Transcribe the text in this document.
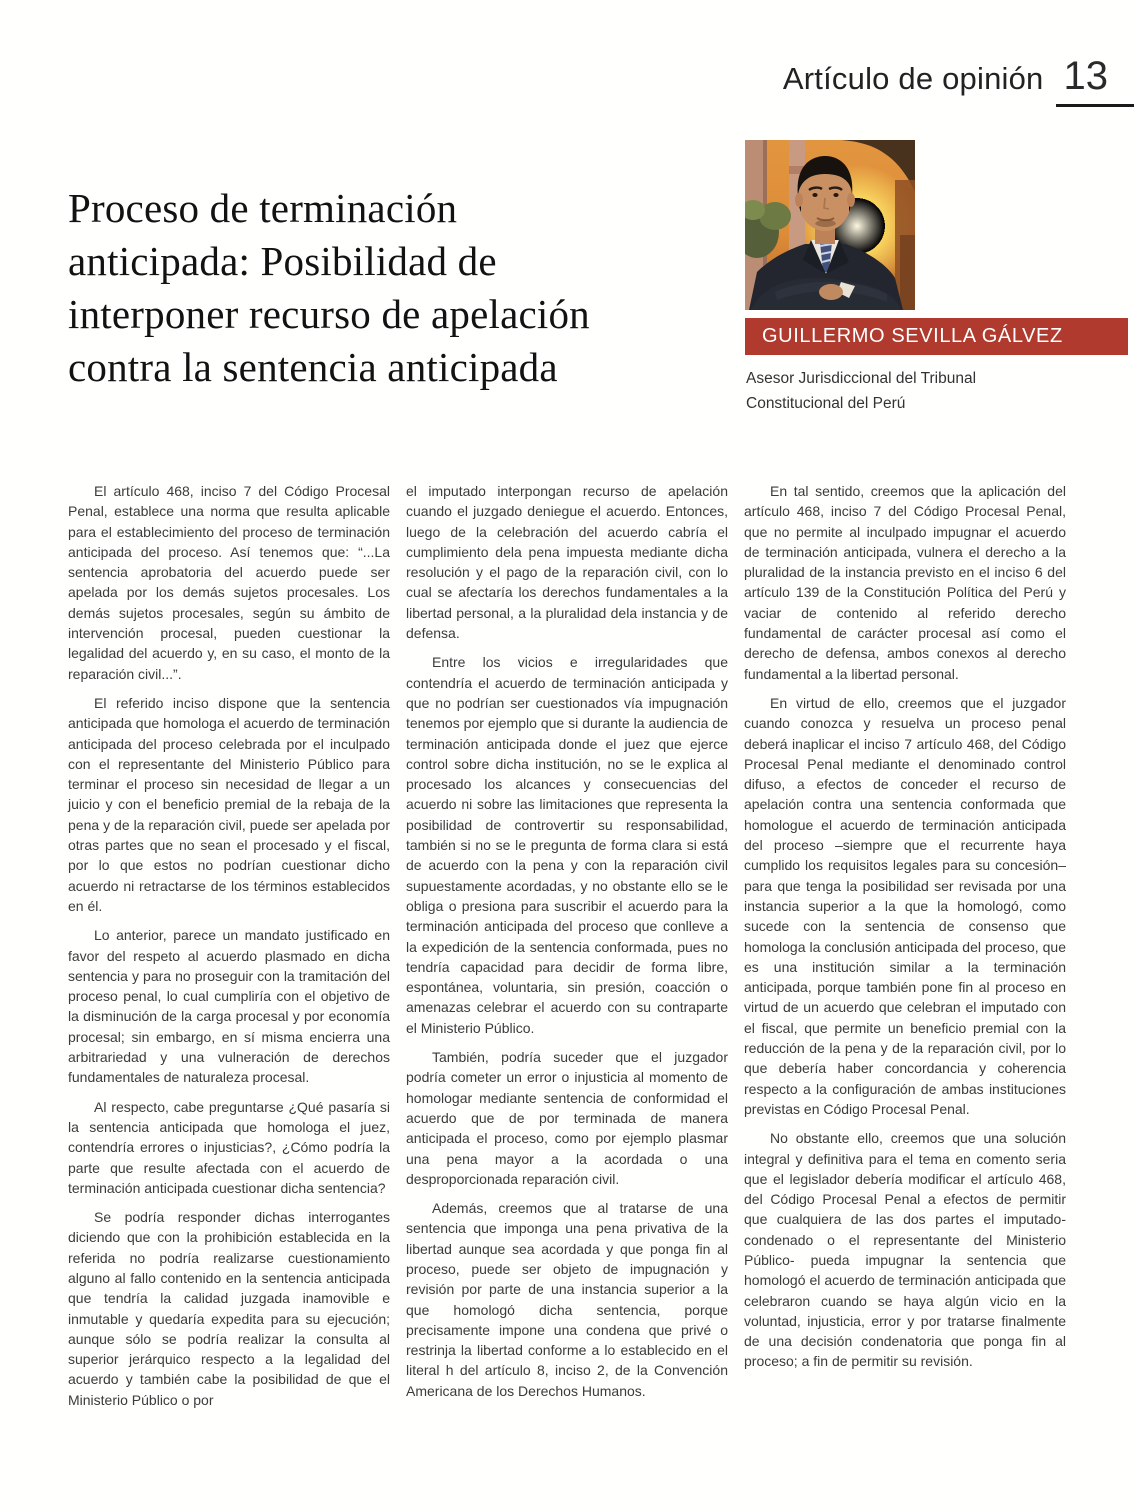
Artículo de opinión 13
Proceso de terminación
anticipada: Posibilidad de
interponer recurso de apelación
contra la sentencia anticipada
GUILLERMO SEVILLA GÁLVEZ
Asesor Jurisdiccional del Tribunal
Constitucional del Perú

El artículo 468, inciso 7 del Código Procesal Penal, establece una norma que resulta aplicable para el establecimiento del proceso de terminación anticipada del proceso. Así tenemos que: “...La sentencia aprobatoria del acuerdo puede ser apelada por los demás sujetos procesales. Los demás sujetos procesales, según su ámbito de intervención procesal, pueden cuestionar la legalidad del acuerdo y, en su caso, el monto de la reparación civil...”.

El referido inciso dispone que la sentencia anticipada que homologa el acuerdo de terminación anticipada del proceso celebrada por el inculpado con el representante del Ministerio Público para terminar el proceso sin necesidad de llegar a un juicio y con el beneficio premial de la rebaja de la pena y de la reparación civil, puede ser apelada por otras partes que no sean el procesado y el fiscal, por lo que estos no podrían cuestionar dicho acuerdo ni retractarse de los términos establecidos en él.

Lo anterior, parece un mandato justificado en favor del respeto al acuerdo plasmado en dicha sentencia y para no proseguir con la tramitación del proceso penal, lo cual cumpliría con el objetivo de la disminución de la carga procesal y por economía procesal; sin embargo, en sí misma encierra una arbitrariedad y una vulneración de derechos fundamentales de naturaleza procesal.

Al respecto, cabe preguntarse ¿Qué pasaría si la sentencia anticipada que homologa el juez, contendría errores o injusticias?, ¿Cómo podría la parte que resulte afectada con el acuerdo de terminación anticipada cuestionar dicha sentencia?

Se podría responder dichas interrogantes diciendo que con la prohibición establecida en la referida no podría realizarse cuestionamiento alguno al fallo contenido en la sentencia anticipada que tendría la calidad juzgada inamovible e inmutable y quedaría expedita para su ejecución; aunque sólo se podría realizar la consulta al superior jerárquico respecto a la legalidad del acuerdo y también cabe la posibilidad de que el Ministerio Público o por

el imputado interpongan recurso de apelación cuando el juzgado deniegue el acuerdo. Entonces, luego de la celebración del acuerdo cabría el cumplimiento dela pena impuesta mediante dicha resolución y el pago de la reparación civil, con lo cual se afectaría los derechos fundamentales a la libertad personal, a la pluralidad dela instancia y de defensa.

Entre los vicios e irregularidades que contendría el acuerdo de terminación anticipada y que no podrían ser cuestionados vía impugnación tenemos por ejemplo que si durante la audiencia de terminación anticipada donde el juez que ejerce control sobre dicha institución, no se le explica al procesado los alcances y consecuencias del acuerdo ni sobre las limitaciones que representa la posibilidad de controvertir su responsabilidad, también si no se le pregunta de forma clara si está de acuerdo con la pena y con la reparación civil supuestamente acordadas, y no obstante ello se le obliga o presiona para suscribir el acuerdo para la terminación anticipada del proceso que conlleve a la expedición de la sentencia conformada, pues no tendría capacidad para decidir de forma libre, espontánea, voluntaria, sin presión, coacción o amenazas celebrar el acuerdo con su contraparte el Ministerio Público.

También, podría suceder que el juzgador podría cometer un error o injusticia al momento de homologar mediante sentencia de conformidad el acuerdo que de por terminada de manera anticipada el proceso, como por ejemplo plasmar una pena mayor a la acordada o una desproporcionada reparación civil.

Además, creemos que al tratarse de una sentencia que imponga una pena privativa de la libertad aunque sea acordada y que ponga fin al proceso, puede ser objeto de impugnación y revisión por parte de una instancia superior a la que homologó dicha sentencia, porque precisamente impone una condena que privé o restrinja la libertad conforme a lo establecido en el literal h del artículo 8, inciso 2, de la Convención Americana de los Derechos Humanos.

En tal sentido, creemos que la aplicación del artículo 468, inciso 7 del Código Procesal Penal, que no permite al inculpado impugnar el acuerdo de terminación anticipada, vulnera el derecho a la pluralidad de la instancia previsto en el inciso 6 del artículo 139 de la Constitución Política del Perú y vaciar de contenido al referido derecho fundamental de carácter procesal así como el derecho de defensa, ambos conexos al derecho fundamental a la libertad personal.

En virtud de ello, creemos que el juzgador cuando conozca y resuelva un proceso penal deberá inaplicar el inciso 7 artículo 468, del Código Procesal Penal mediante el denominado control difuso, a efectos de conceder el recurso de apelación contra una sentencia conformada que homologue el acuerdo de terminación anticipada del proceso –siempre que el recurrente haya cumplido los requisitos legales para su concesión– para que tenga la posibilidad ser revisada por una instancia superior a la que la homologó, como sucede con la sentencia de consenso que homologa la conclusión anticipada del proceso, que es una institución similar a la terminación anticipada, porque también pone fin al proceso en virtud de un acuerdo que celebran el imputado con el fiscal, que permite un beneficio premial con la reducción de la pena y de la reparación civil, por lo que debería haber concordancia y coherencia respecto a la configuración de ambas instituciones previstas en Código Procesal Penal.

No obstante ello, creemos que una solución integral y definitiva para el tema en comento seria que el legislador debería modificar el artículo 468, del Código Procesal Penal a efectos de permitir que cualquiera de las dos partes el imputado-condenado o el representante del Ministerio Público- pueda impugnar la sentencia que homologó el acuerdo de terminación anticipada que celebraron cuando se haya algún vicio en la voluntad, injusticia, error y por tratarse finalmente de una decisión condenatoria que ponga fin al proceso; a fin de permitir su revisión.
